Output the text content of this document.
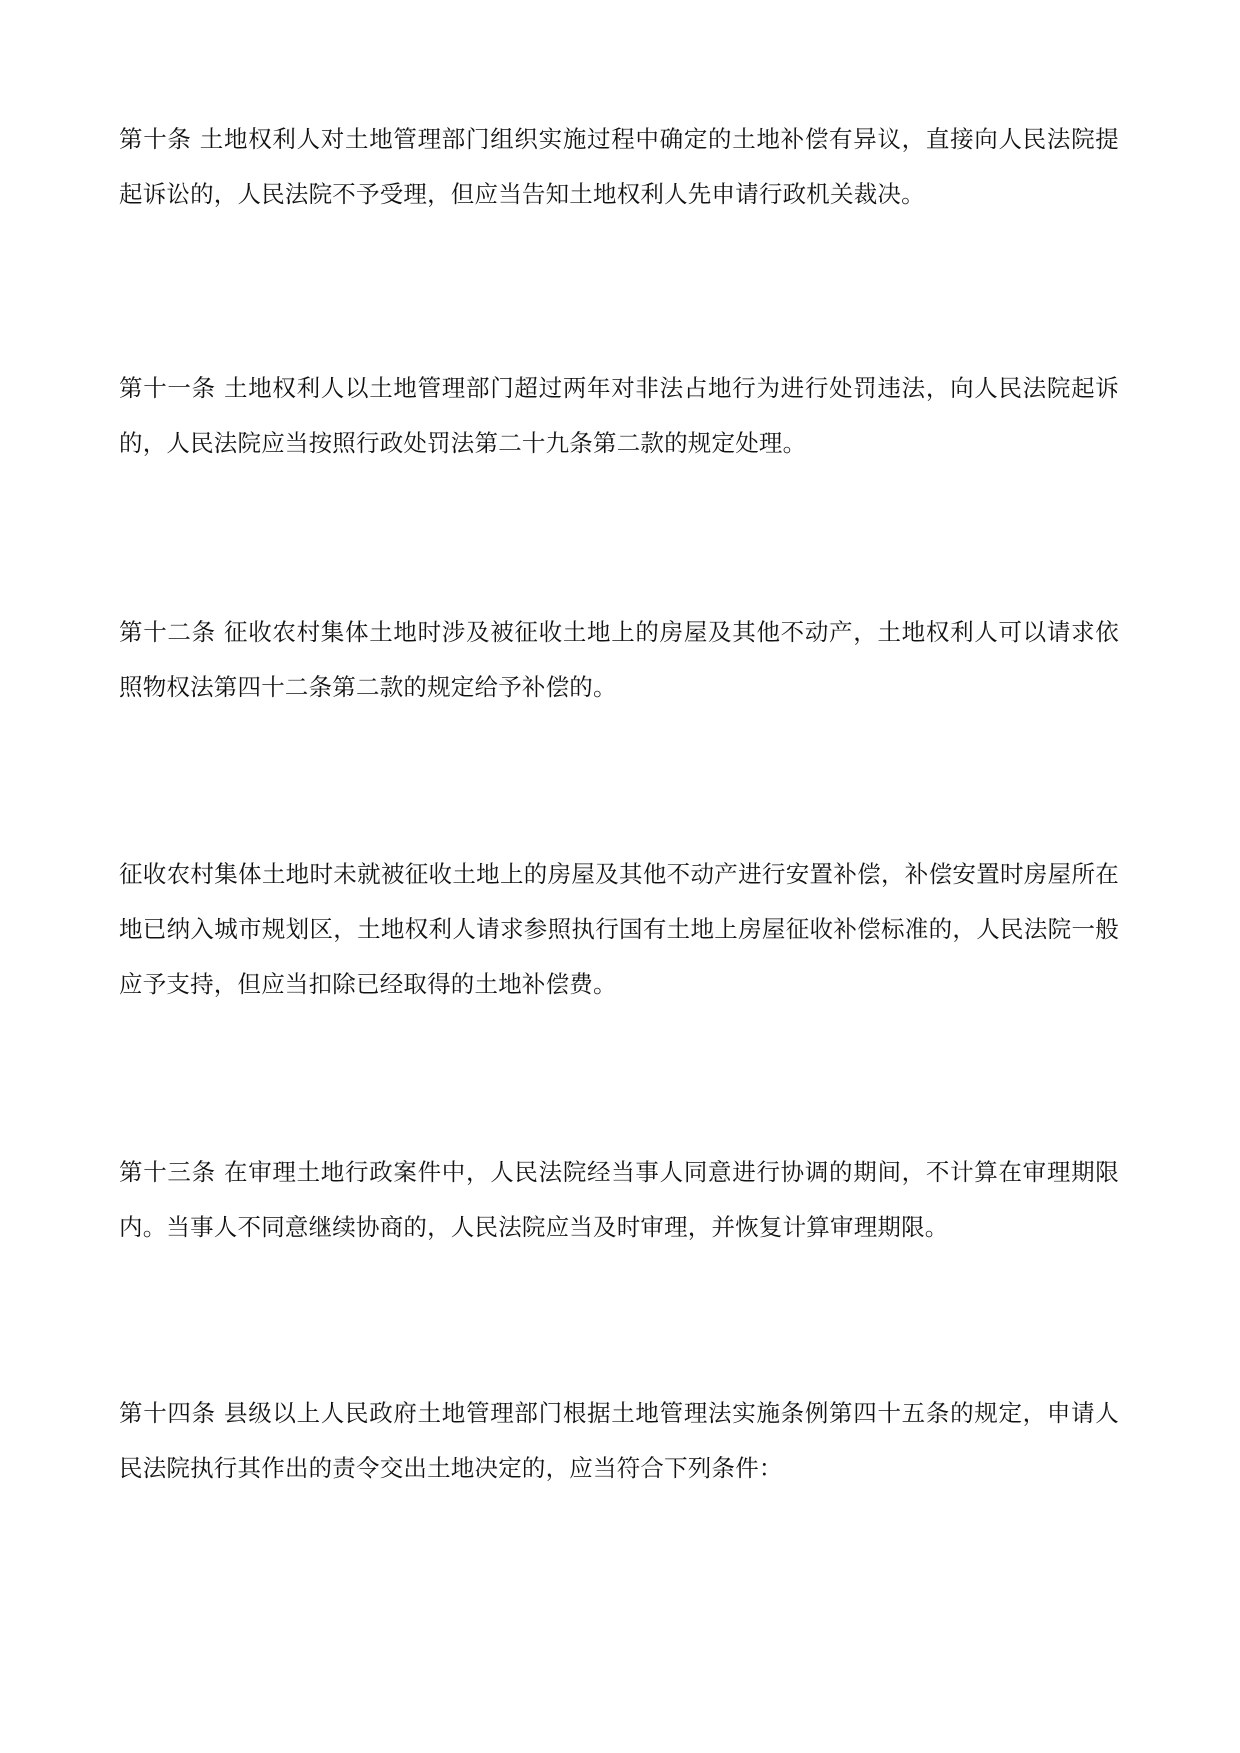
第十条 土地权利人对土地管理部门组织实施过程中确定的土地补偿有异议，直接向人民法院提起诉讼的，人民法院不予受理，但应当告知土地权利人先申请行政机关裁决。

第十一条 土地权利人以土地管理部门超过两年对非法占地行为进行处罚违法，向人民法院起诉的，人民法院应当按照行政处罚法第二十九条第二款的规定处理。

第十二条 征收农村集体土地时涉及被征收土地上的房屋及其他不动产，土地权利人可以请求依照物权法第四十二条第二款的规定给予补偿的。

征收农村集体土地时未就被征收土地上的房屋及其他不动产进行安置补偿，补偿安置时房屋所在地已纳入城市规划区，土地权利人请求参照执行国有土地上房屋征收补偿标准的，人民法院一般应予支持，但应当扣除已经取得的土地补偿费。

第十三条 在审理土地行政案件中，人民法院经当事人同意进行协调的期间，不计算在审理期限内。当事人不同意继续协商的，人民法院应当及时审理，并恢复计算审理期限。

第十四条 县级以上人民政府土地管理部门根据土地管理法实施条例第四十五条的规定，申请人民法院执行其作出的责令交出土地决定的，应当符合下列条件：
